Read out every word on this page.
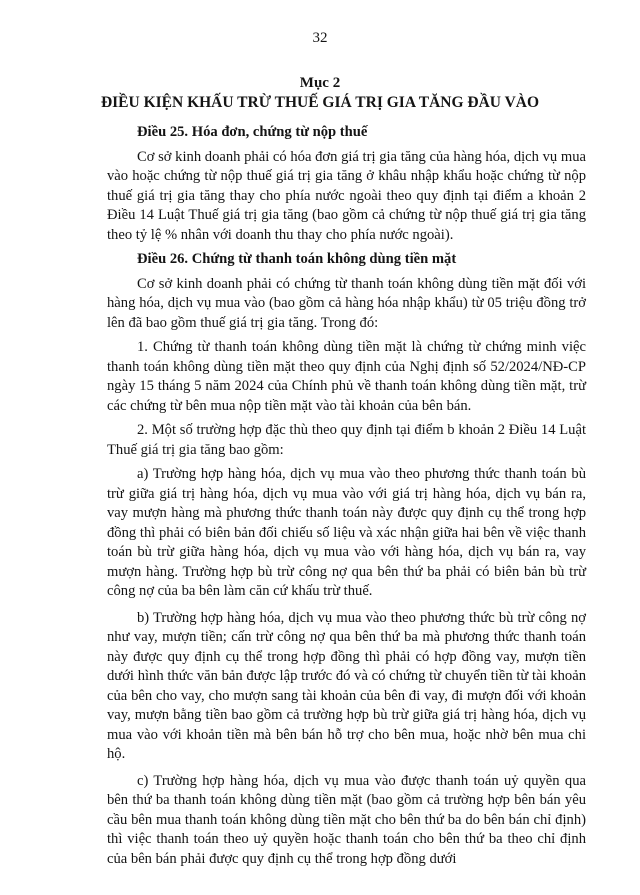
32
Mục 2
ĐIỀU KIỆN KHẤU TRỪ THUẾ GIÁ TRỊ GIA TĂNG ĐẦU VÀO

Điều 25. Hóa đơn, chứng từ nộp thuế

Cơ sở kinh doanh phải có hóa đơn giá trị gia tăng của hàng hóa, dịch vụ mua vào hoặc chứng từ nộp thuế giá trị gia tăng ở khâu nhập khẩu hoặc chứng từ nộp thuế giá trị gia tăng thay cho phía nước ngoài theo quy định tại điểm a khoản 2 Điều 14 Luật Thuế giá trị gia tăng (bao gồm cả chứng từ nộp thuế giá trị gia tăng theo tỷ lệ % nhân với doanh thu thay cho phía nước ngoài).

Điều 26. Chứng từ thanh toán không dùng tiền mặt

Cơ sở kinh doanh phải có chứng từ thanh toán không dùng tiền mặt đối với hàng hóa, dịch vụ mua vào (bao gồm cả hàng hóa nhập khẩu) từ 05 triệu đồng trở lên đã bao gồm thuế giá trị gia tăng. Trong đó:

1. Chứng từ thanh toán không dùng tiền mặt là chứng từ chứng minh việc thanh toán không dùng tiền mặt theo quy định của Nghị định số 52/2024/NĐ-CP ngày 15 tháng 5 năm 2024 của Chính phủ về thanh toán không dùng tiền mặt, trừ các chứng từ bên mua nộp tiền mặt vào tài khoản của bên bán.

2. Một số trường hợp đặc thù theo quy định tại điểm b khoản 2 Điều 14 Luật Thuế giá trị gia tăng bao gồm:

a) Trường hợp hàng hóa, dịch vụ mua vào theo phương thức thanh toán bù trừ giữa giá trị hàng hóa, dịch vụ mua vào với giá trị hàng hóa, dịch vụ bán ra, vay mượn hàng mà phương thức thanh toán này được quy định cụ thể trong hợp đồng thì phải có biên bản đối chiếu số liệu và xác nhận giữa hai bên về việc thanh toán bù trừ giữa hàng hóa, dịch vụ mua vào với hàng hóa, dịch vụ bán ra, vay mượn hàng. Trường hợp bù trừ công nợ qua bên thứ ba phải có biên bản bù trừ công nợ của ba bên làm căn cứ khấu trừ thuế.

b) Trường hợp hàng hóa, dịch vụ mua vào theo phương thức bù trừ công nợ như vay, mượn tiền; cấn trừ công nợ qua bên thứ ba mà phương thức thanh toán này được quy định cụ thể trong hợp đồng thì phải có hợp đồng vay, mượn tiền dưới hình thức văn bản được lập trước đó và có chứng từ chuyển tiền từ tài khoản của bên cho vay, cho mượn sang tài khoản của bên đi vay, đi mượn đối với khoản vay, mượn bằng tiền bao gồm cả trường hợp bù trừ giữa giá trị hàng hóa, dịch vụ mua vào với khoản tiền mà bên bán hỗ trợ cho bên mua, hoặc nhờ bên mua chi hộ.

c) Trường hợp hàng hóa, dịch vụ mua vào được thanh toán uỷ quyền qua bên thứ ba thanh toán không dùng tiền mặt (bao gồm cả trường hợp bên bán yêu cầu bên mua thanh toán không dùng tiền mặt cho bên thứ ba do bên bán chỉ định) thì việc thanh toán theo uỷ quyền hoặc thanh toán cho bên thứ ba theo chỉ định của bên bán phải được quy định cụ thể trong hợp đồng dưới
